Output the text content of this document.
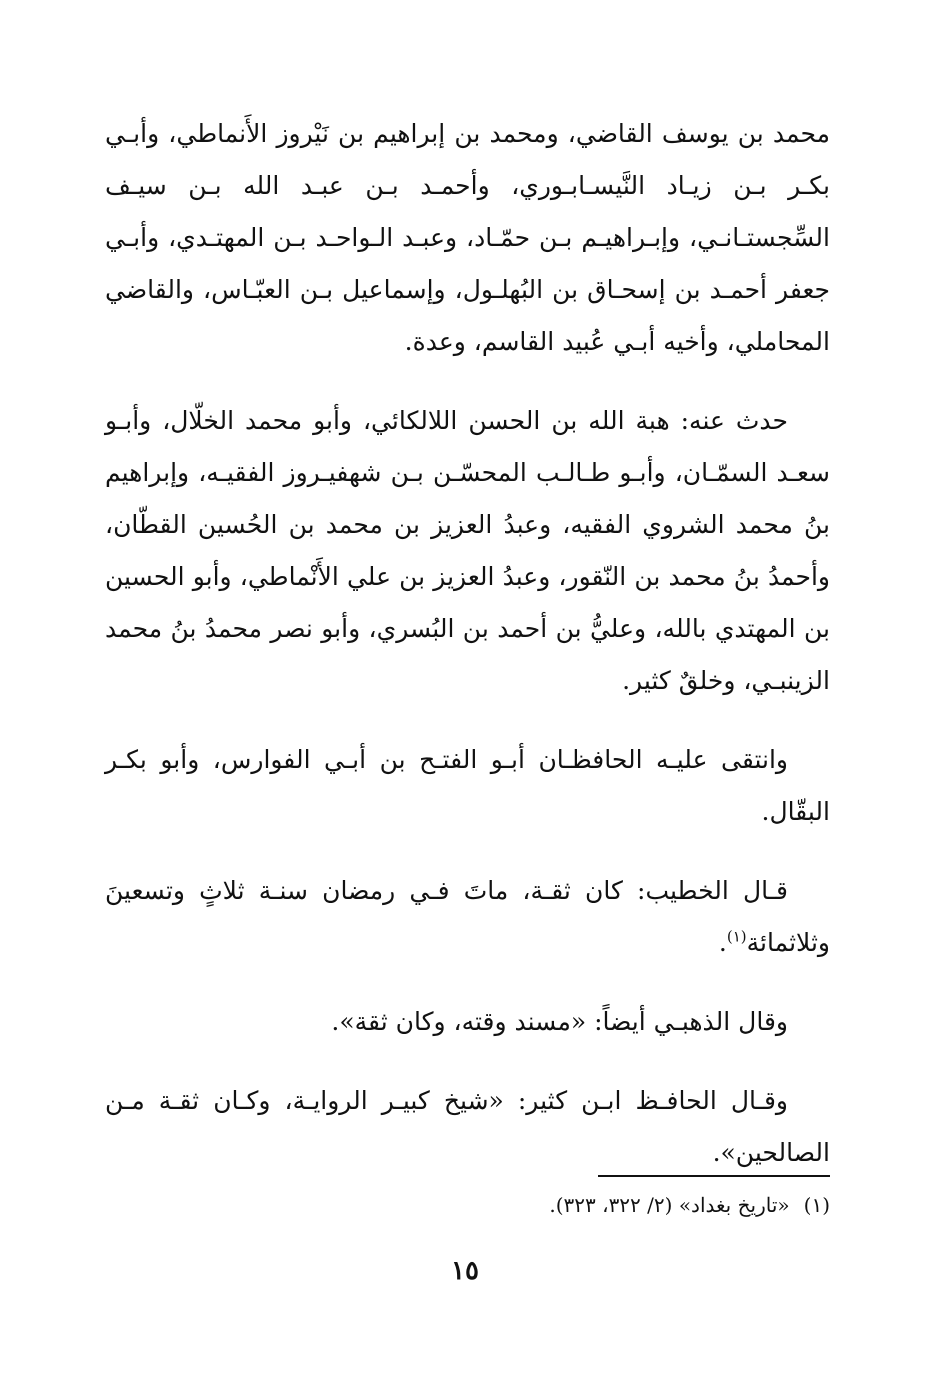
محمد بن يوسف القاضي، ومحمد بن إبراهيم بن نَيْروز الأَنماطي، وأبـي بكـر بـن زيـاد النَّيسـابـوري، وأحمـد بـن عبـد الله بـن سيـف السِّجستـانـي، وإبـراهيـم بـن حمّـاد، وعبـد الـواحـد بـن المهتـدي، وأبـي جعفر أحمـد بن إسحـاق بن البُهلـول، وإسماعيل بـن العبّـاس، والقاضي المحاملي، وأخيه أبـي عُبيد القاسم، وعدة.

حدث عنه: هبة الله بن الحسن اللالكائي، وأبو محمد الخلّال، وأبـو سعـد السمّـان، وأبـو طـالـب المحسّـن بـن شهفيـروز الفقيـه، وإبراهيم بنُ محمد الشروي الفقيه، وعبدُ العزيز بن محمد بن الحُسين القطّان، وأحمدُ بنُ محمد بن النّقور، وعبدُ العزيز بن علي الأَنْماطي، وأبو الحسين بن المهتدي بالله، وعليُّ بن أحمد بن البُسري، وأبو نصر محمدُ بنُ محمد الزينبـي، وخلقٌ كثير.

وانتقى عليـه الحافظـان أبـو الفتـح بن أبـي الفوارس، وأبو بكـر البقّال.

قـال الخطيب: كان ثقـة، ماتَ فـي رمضان سنـة ثلاثٍ وتسعينَ وثلاثمائة$^{(١)}$.

وقال الذهبـي أيضاً: «مسند وقته، وكان ثقة».

وقـال الحافـظ ابـن كثير: «شيخ كبيـر الروايـة، وكـان ثقـة مـن الصالحين».

(١)«تاريخ بغداد» (٢/ ٣٢٢، ٣٢٣).
١٥
